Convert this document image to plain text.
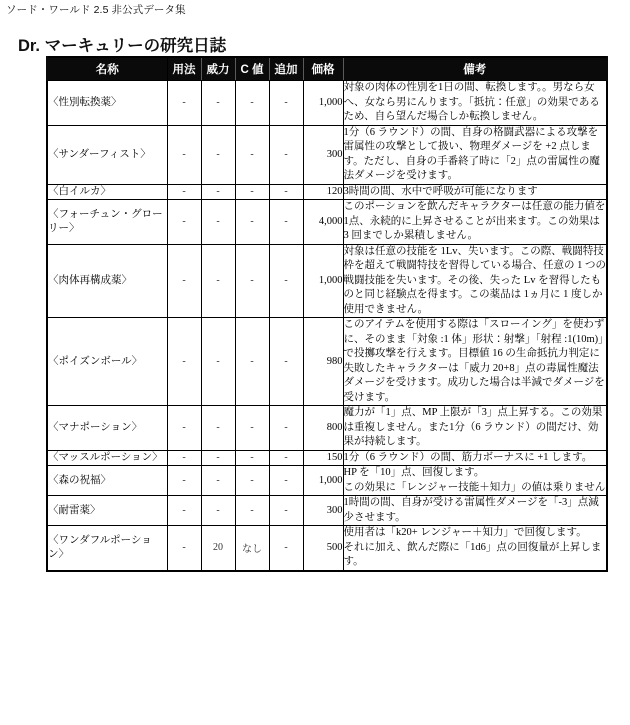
ソード・ワールド 2.5 非公式データ集
Dr. マーキュリーの研究日誌
名称	用法	威力	C 値	追加	価格	備考
〈性別転換薬〉	-	-	-	-	1,000	対象の肉体の性別を1日の間、転換します。。男なら女へ、女なら男にんります。「抵抗：任意」の効果であるため、自ら望んだ場合しか転換しません。
〈サンダーフィスト〉	-	-	-	-	300	1分（6 ラウンド）の間、自身の格闘武器による攻撃を雷属性の攻撃として扱い、物理ダメージを +2 点します。ただし、自身の手番終了時に「2」点の雷属性の魔法ダメージを受けます。
〈白イルカ〉	-	-	-	-	120	3時間の間、水中で呼吸が可能になります
〈フォーチュン・グローリー〉	-	-	-	-	4,000	このポーションを飲んだキャラクターは任意の能力値を1点、永続的に上昇させることが出来ます。この効果は 3 回までしか累積しません。
〈肉体再構成薬〉	-	-	-	-	1,000	対象は任意の技能を 1Lv、失います。この際、戦闘特技枠を超えて戦闘特技を習得している場合、任意の 1 つの戦闘技能を失います。その後、失った Lv を習得したものと同じ経験点を得ます。この薬品は 1ヵ月に 1 度しか使用できません。
〈ポイズンボール〉	-	-	-	-	980	このアイテムを使用する際は「スローイング」を使わずに、そのまま「対象 :1 体」形状：射撃」「射程 :1(10m)」で投擲攻撃を行えます。目標値 16 の生命抵抗力判定に失敗したキャラクターは「威力 20+8」点の毒属性魔法ダメージを受けます。成功した場合は半減でダメージを受けます。
〈マナポーション〉	-	-	-	-	800	魔力が「1」点、MP 上限が「3」点上昇する。この効果は重複しません。また1分（6 ラウンド）の間だけ、効果が持続します。
〈マッスルポーション〉	-	-	-	-	150	1分（6 ラウンド）の間、筋力ボーナスに +1 します。
〈森の祝福〉	-	-	-	-	1,000	HP を「10」点、回復します。
この効果に「レンジャー技能＋知力」の値は乗りません
〈耐雷薬〉	-	-	-	-	300	1時間の間、自身が受ける雷属性ダメージを「-3」点減少させます。
〈ワンダフルポーション〉	-	20	なし	-	500	使用者は「k20+ レンジャー＋知力」で回復します。
それに加え、飲んだ際に「1d6」点の回復量が上昇します。
